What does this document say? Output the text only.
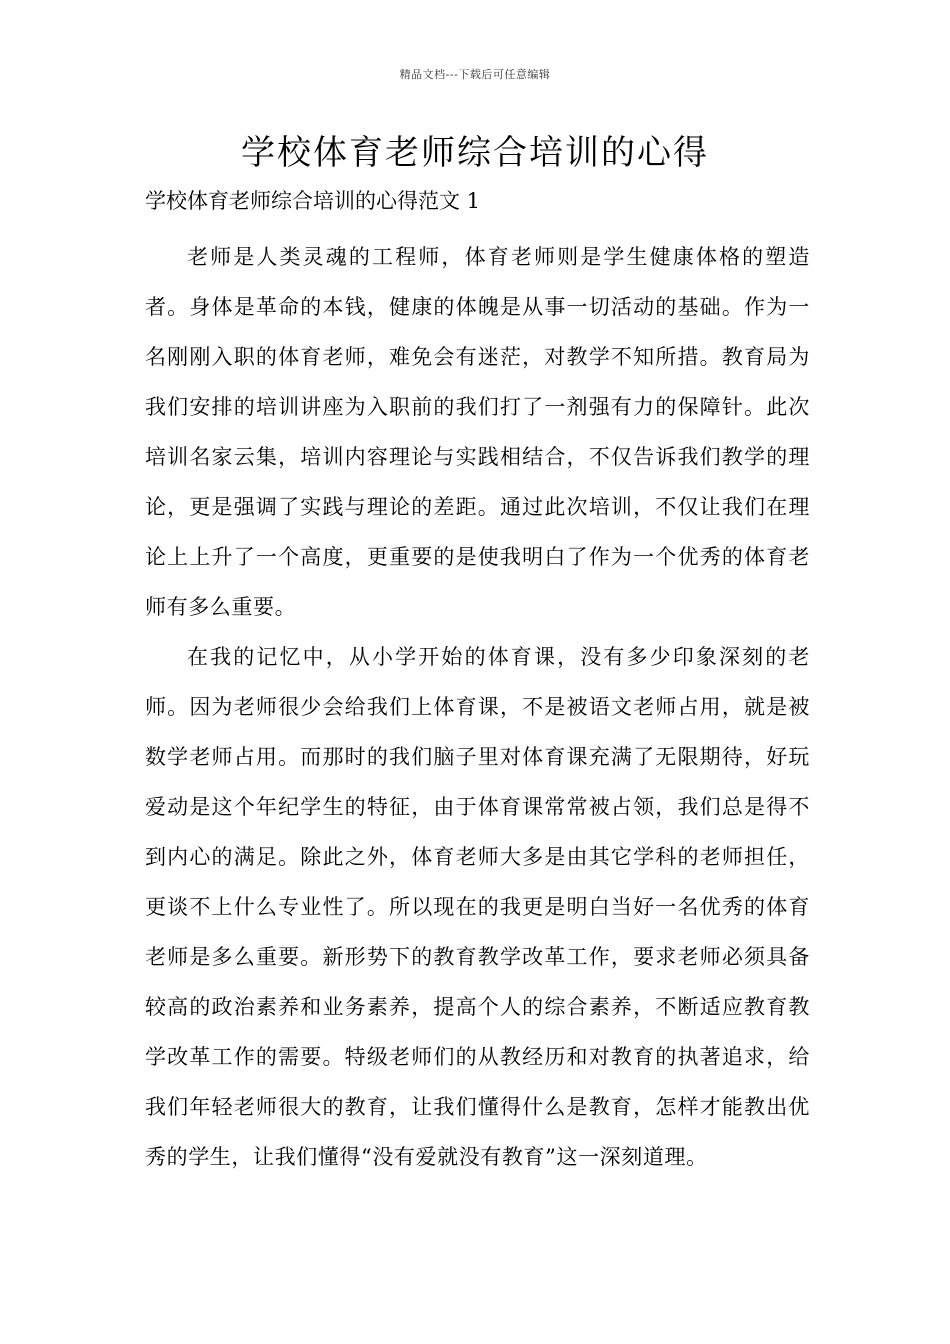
精品文档---下载后可任意编辑
学校体育老师综合培训的心得
学校体育老师综合培训的心得范文 1

老师是人类灵魂的工程师，体育老师则是学生健康体格的塑造者。身体是革命的本钱，健康的体魄是从事一切活动的基础。作为一名刚刚入职的体育老师，难免会有迷茫，对教学不知所措。教育局为我们安排的培训讲座为入职前的我们打了一剂强有力的保障针。此次培训名家云集，培训内容理论与实践相结合，不仅告诉我们教学的理论，更是强调了实践与理论的差距。通过此次培训，不仅让我们在理论上上升了一个高度，更重要的是使我明白了作为一个优秀的体育老师有多么重要。

在我的记忆中，从小学开始的体育课，没有多少印象深刻的老师。因为老师很少会给我们上体育课，不是被语文老师占用，就是被数学老师占用。而那时的我们脑子里对体育课充满了无限期待，好玩爱动是这个年纪学生的特征，由于体育课常常被占领，我们总是得不到内心的满足。除此之外，体育老师大多是由其它学科的老师担任，更谈不上什么专业性了。所以现在的我更是明白当好一名优秀的体育老师是多么重要。新形势下的教育教学改革工作，要求老师必须具备较高的政治素养和业务素养，提高个人的综合素养，不断适应教育教学改革工作的需要。特级老师们的从教经历和对教育的执著追求，给我们年轻老师很大的教育，让我们懂得什么是教育，怎样才能教出优秀的学生，让我们懂得“没有爱就没有教育”这一深刻道理。
